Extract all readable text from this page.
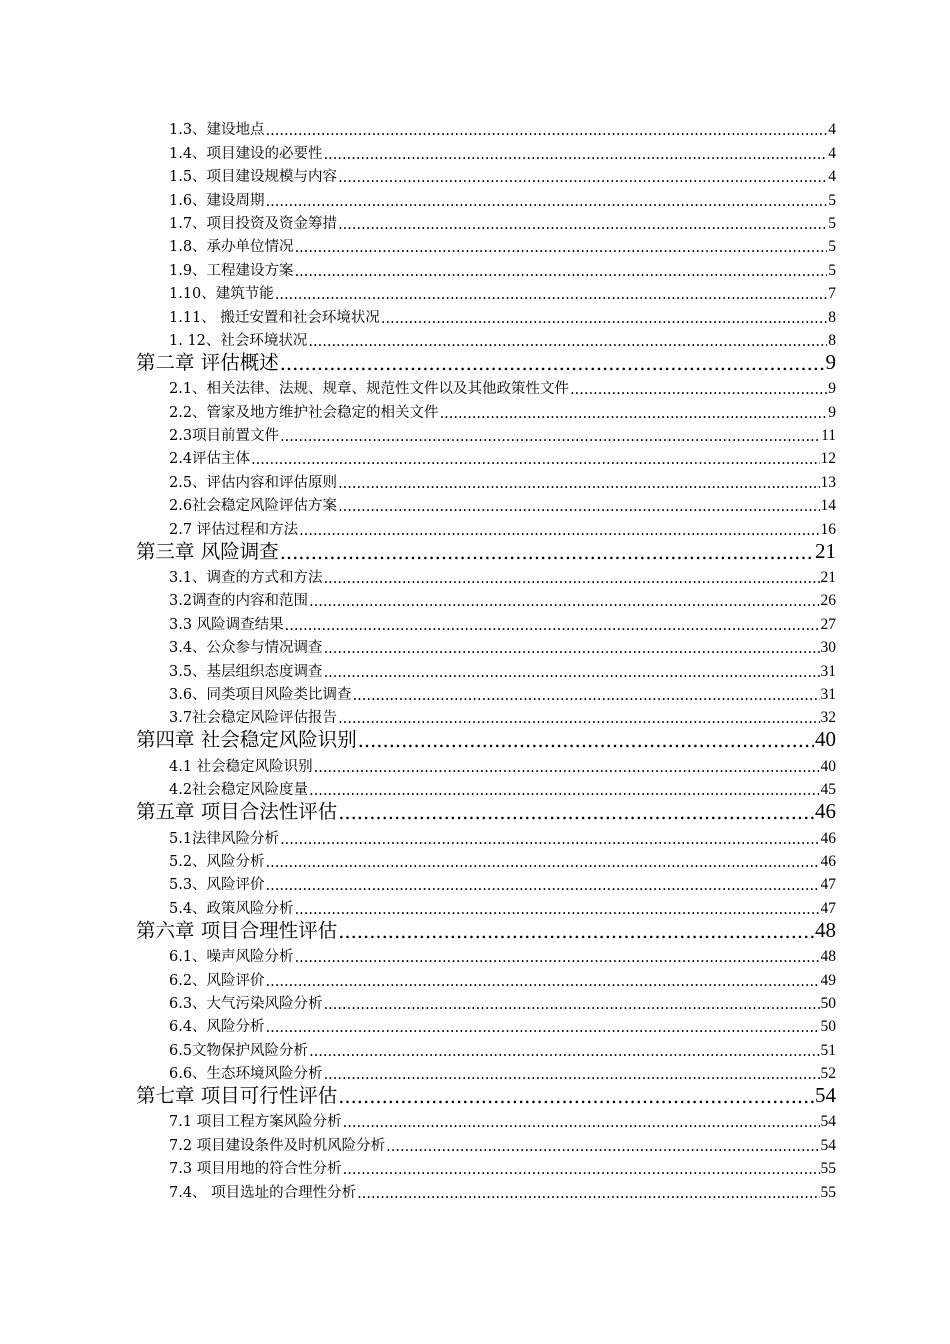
1.3、建设地点 .....	4
1.4、项目建设的必要性 .....	4
1.5、项目建设规模与内容 .....	4
1.6、建设周期 .....	5
1.7、项目投资及资金筹措 .....	5
1.8、承办单位情况 .....	5
1.9、工程建设方案 .....	5
1.10、建筑节能 .....	7
1.11、 搬迁安置和社会环境状况 .....	8
1. 12、社会环境状况 .....	8
第二章 评估概述 .....	9
2.1、相关法律、法规、规章、规范性文件以及其他政策性文件 .....	9
2.2、管家及地方维护社会稳定的相关文件 .....	9
2.3项目前置文件 .....	11
2.4评估主体 .....	12
2.5、评估内容和评估原则 .....	13
2.6社会稳定风险评估方案 .....	14
2.7 评估过程和方法 .....	16
第三章 风险调查 .....	21
3.1、调查的方式和方法 .....	21
3.2调查的内容和范围 .....	26
3.3 风险调查结果 .....	27
3.4、公众参与情况调查 .....	30
3.5、基层组织态度调查 .....	31
3.6、同类项目风险类比调查 .....	31
3.7社会稳定风险评估报告 .....	32
第四章 社会稳定风险识别 .....	40
4.1 社会稳定风险识别 .....	40
4.2社会稳定风险度量 .....	45
第五章 项目合法性评估 .....	46
5.1法律风险分析 .....	46
5.2、风险分析 .....	46
5.3、风险评价 .....	47
5.4、政策风险分析 .....	47
第六章 项目合理性评估 .....	48
6.1、噪声风险分析 .....	48
6.2、风险评价 .....	49
6.3、大气污染风险分析 .....	50
6.4、风险分析 .....	50
6.5文物保护风险分析 .....	51
6.6、生态环境风险分析 .....	52
第七章 项目可行性评估 .....	54
7.1 项目工程方案风险分析 .....	54
7.2 项目建设条件及时机风险分析 .....	54
7.3 项目用地的符合性分析 .....	55
7.4、 项目选址的合理性分析 .....	55
